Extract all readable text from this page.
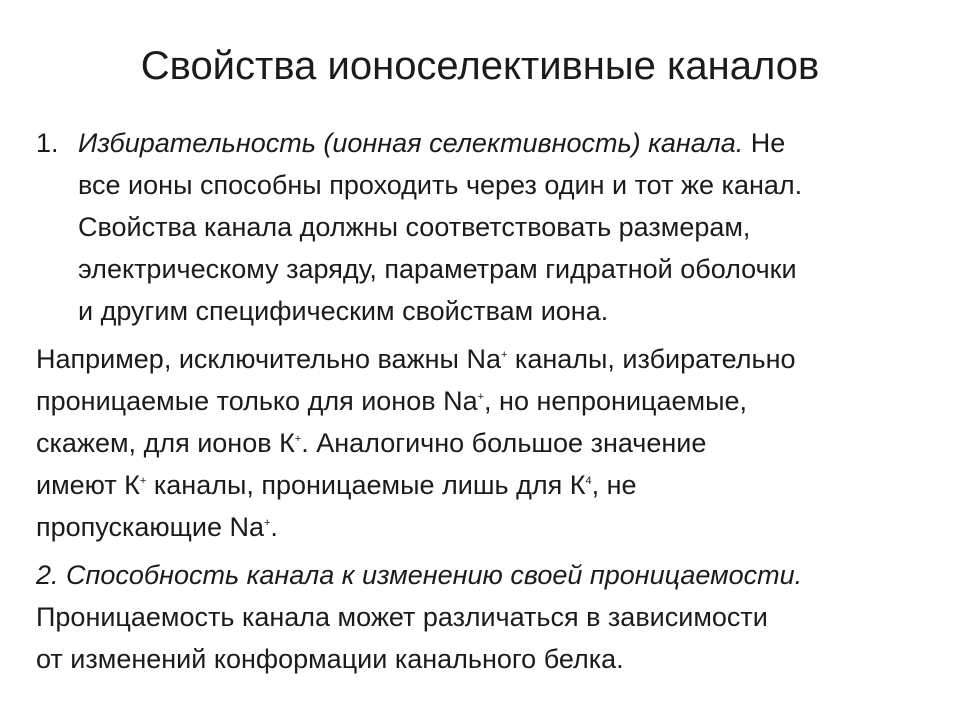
Свойства ионоселективные каналов
1. Избирательность (ионная селективность) канала. Не
все ионы способны проходить через один и тот же канал.
Свойства канала должны соответствовать размерам,
электрическому заряду, параметрам гидратной оболочки
и другим специфическим свойствам иона.
Например, исключительно важны Na+ каналы, избирательно
проницаемые только для ионов Na+, но непроницаемые,
скажем, для ионов К+. Аналогично большое значение
имеют К+ каналы, проницаемые лишь для $К^4$, не
пропускающие Na+.
2. Способность канала к изменению своей проницаемости.
Проницаемость канала может различаться в зависимости
от изменений конформации канального белка.
